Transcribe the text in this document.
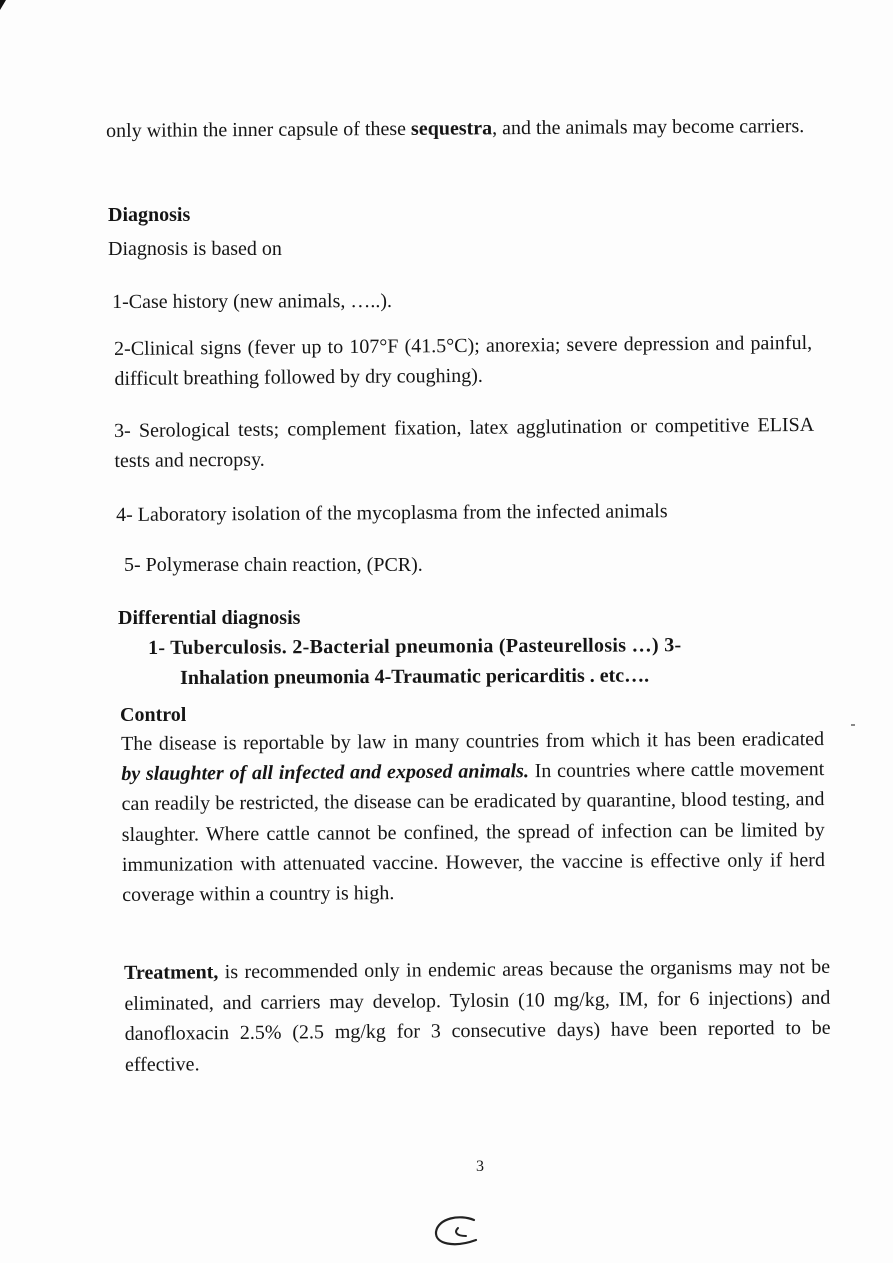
only within the inner capsule of these sequestra, and the animals may become carriers.
Diagnosis
Diagnosis is based on
1-Case history (new animals, …..).
2-Clinical signs (fever up to 107°F (41.5°C); anorexia; severe depression and painful, difficult breathing followed by dry coughing).
3- Serological tests; complement fixation, latex agglutination or competitive ELISA tests and necropsy.
4- Laboratory isolation of the mycoplasma from the infected animals
5- Polymerase chain reaction, (PCR).
Differential diagnosis
1- Tuberculosis. 2-Bacterial pneumonia (Pasteurellosis …) 3-
Inhalation pneumonia 4-Traumatic pericarditis . etc….
Control
The disease is reportable by law in many countries from which it has been eradicated by slaughter of all infected and exposed animals. In countries where cattle movement can readily be restricted, the disease can be eradicated by quarantine, blood testing, and slaughter. Where cattle cannot be confined, the spread of infection can be limited by immunization with attenuated vaccine. However, the vaccine is effective only if herd coverage within a country is high.
Treatment, is recommended only in endemic areas because the organisms may not be eliminated, and carriers may develop. Tylosin (10 mg/kg, IM, for 6 injections) and danofloxacin 2.5% (2.5 mg/kg for 3 consecutive days) have been reported to be effective.
3
